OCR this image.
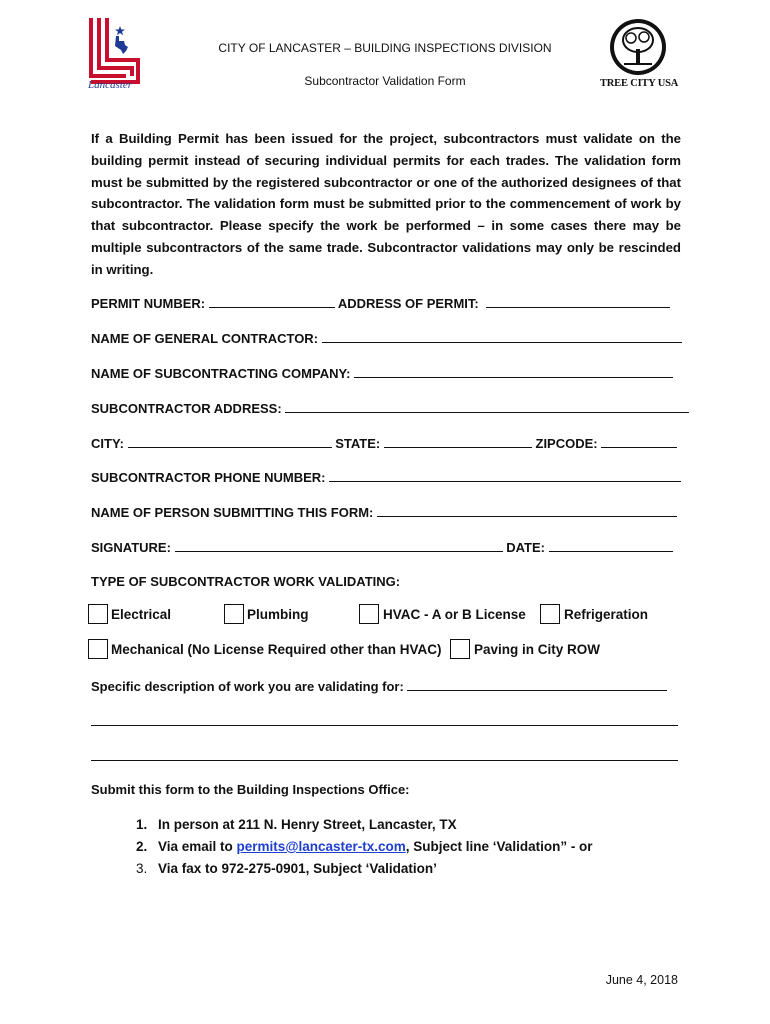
Lancaster
CITY OF LANCASTER – BUILDING INSPECTIONS DIVISION
Subcontractor Validation Form	TREE CITY USA
If a Building Permit has been issued for the project, subcontractors must validate on the building permit instead of securing individual permits for each trades. The validation form must be submitted by the registered subcontractor or one of the authorized designees of that subcontractor. The validation form must be submitted prior to the commencement of work by that subcontractor. Please specify the work be performed – in some cases there may be multiple subcontractors of the same trade. Subcontractor validations may only be rescinded in writing.
PERMIT NUMBER:	ADDRESS OF PERMIT:
NAME OF GENERAL CONTRACTOR:
NAME OF SUBCONTRACTING COMPANY:
SUBCONTRACTOR ADDRESS:
CITY:	STATE:	ZIPCODE:
SUBCONTRACTOR PHONE NUMBER:
NAME OF PERSON SUBMITTING THIS FORM:
SIGNATURE:	DATE:
TYPE OF SUBCONTRACTOR WORK VALIDATING:
Electrical	Plumbing	HVAC - A or B License	Refrigeration
Mechanical (No License Required other than HVAC) Paving in City ROW
Specific description of work you are validating for:
Submit this form to the Building Inspections Office:
1. In person at 211 N. Henry Street, Lancaster, TX
2. Via email to permits@lancaster-tx.com, Subject line ‘Validation” - or
3. Via fax to 972-275-0901, Subject ‘Validation’
June 4, 2018
